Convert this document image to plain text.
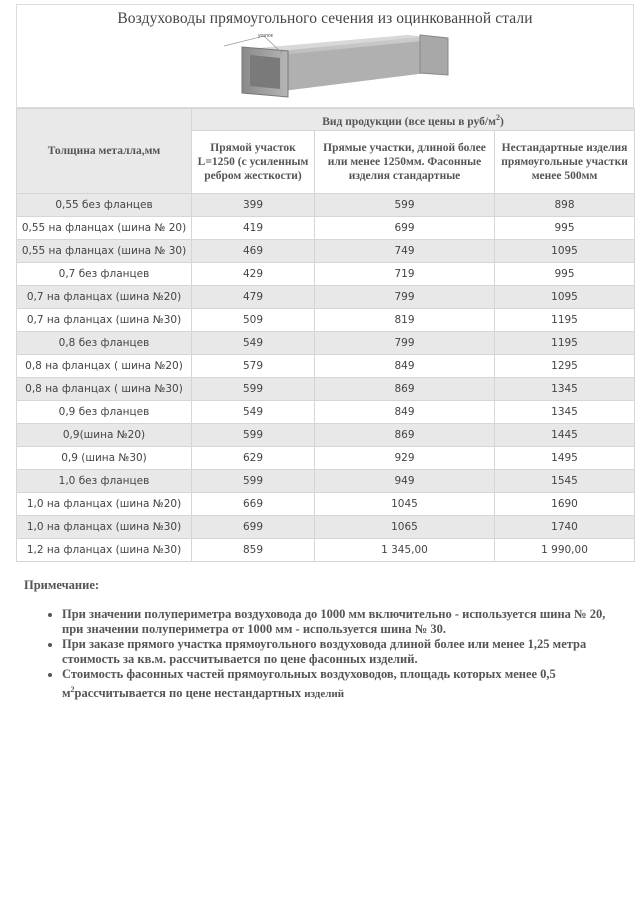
Воздуховоды прямоугольного сечения из оцинкованной стали
уголок
Толщина металла,мм	Вид продукции (все цены в руб/$м^2$)		
	Прямой участок L=1250 (с усиленным ребром жесткости)	Прямые участки, длиной более или менее 1250мм. Фасонные изделия стандартные	Нестандартные изделия прямоугольные участки менее 500мм
0,55 без фланцев	399	599	898
0,55 на фланцах (шина № 20)	419	699	995
0,55 на фланцах (шина № 30)	469	749	1095
0,7 без фланцев	429	719	995
0,7 на фланцах (шина №20)	479	799	1095
0,7 на фланцах (шина №30)	509	819	1195
0,8 без фланцев	549	799	1195
0,8 на фланцах ( шина №20)	579	849	1295
0,8 на фланцах ( шина №30)	599	869	1345
0,9 без фланцев	549	849	1345
0,9(шина №20)	599	869	1445
0,9 (шина №30)	629	929	1495
1,0 без фланцев	599	949	1545
1,0 на фланцах (шина №20)	669	1045	1690
1,0 на фланцах (шина №30)	699	1065	1740
1,2 на фланцах (шина №30)	859	1 345,00	1 990,00

Примечание:

• При значении полупериметра воздуховода до 1000 мм включительно - используется шина № 20, при значении полупериметра от 1000 мм - используется шина № 30.
• При заказе прямого участка прямоугольного воздуховода длиной более или менее 1,25 метра стоимость за кв.м. рассчитывается по цене фасонных изделий.
• Стоимость фасонных частей прямоугольных воздуховодов, площадь которых менее 0,5 $м^2рассчитывается$ по цене нестандартных изделий
